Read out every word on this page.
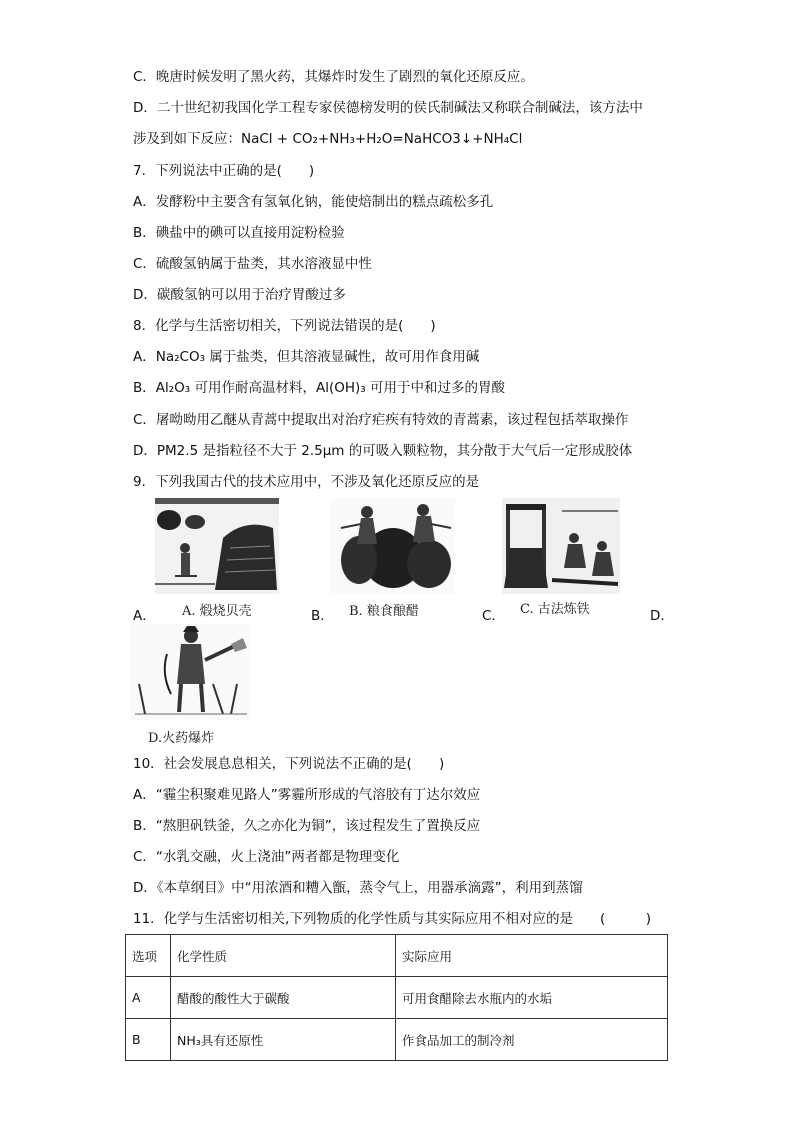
C．晚唐时候发明了黑火药，其爆炸时发生了剧烈的氧化还原反应。
D．二十世纪初我国化学工程专家侯德榜发明的侯氏制碱法又称联合制碱法，该方法中
涉及到如下反应：NaCl + CO₂+NH₃+H₂O=NaHCO3↓+NH₄Cl
7．下列说法中正确的是(　　)
A．发酵粉中主要含有氢氧化钠，能使焙制出的糕点疏松多孔
B．碘盐中的碘可以直接用淀粉检验
C．硫酸氢钠属于盐类，其水溶液显中性
D．碳酸氢钠可以用于治疗胃酸过多
8．化学与生活密切相关，下列说法错误的是(　　)
A．Na₂CO₃ 属于盐类，但其溶液显碱性，故可用作食用碱
B．Al₂O₃ 可用作耐高温材料，Al(OH)₃ 可用于中和过多的胃酸
C．屠呦呦用乙醚从青蒿中提取出对治疗疟疾有特效的青蒿素，该过程包括萃取操作
D．PM2.5 是指粒径不大于 2.5μm 的可吸入颗粒物，其分散于大气后一定形成胶体
9．下列我国古代的技术应用中，不涉及氧化还原反应的是
A． A. 煅烧贝壳	B． B. 粮食酿醋	C． C. 古法炼铁	D．
D.火药爆炸
10．社会发展息息相关，下列说法不正确的是(　　)
A．“霾尘积聚难见路人”雾霾所形成的气溶胶有丁达尔效应
B．“熬胆矾铁釜，久之亦化为铜”，该过程发生了置换反应
C．“水乳交融，火上浇油”两者都是物理变化
D．《本草纲目》中“用浓酒和糟入甑，蒸令气上，用器承滴露”，利用到蒸馏
11．化学与生活密切相关,下列物质的化学性质与其实际应用不相对应的是　　(　　　)
选项	化学性质	实际应用
A	醋酸的酸性大于碳酸	可用食醋除去水瓶内的水垢
B	NH₃具有还原性	作食品加工的制冷剂
